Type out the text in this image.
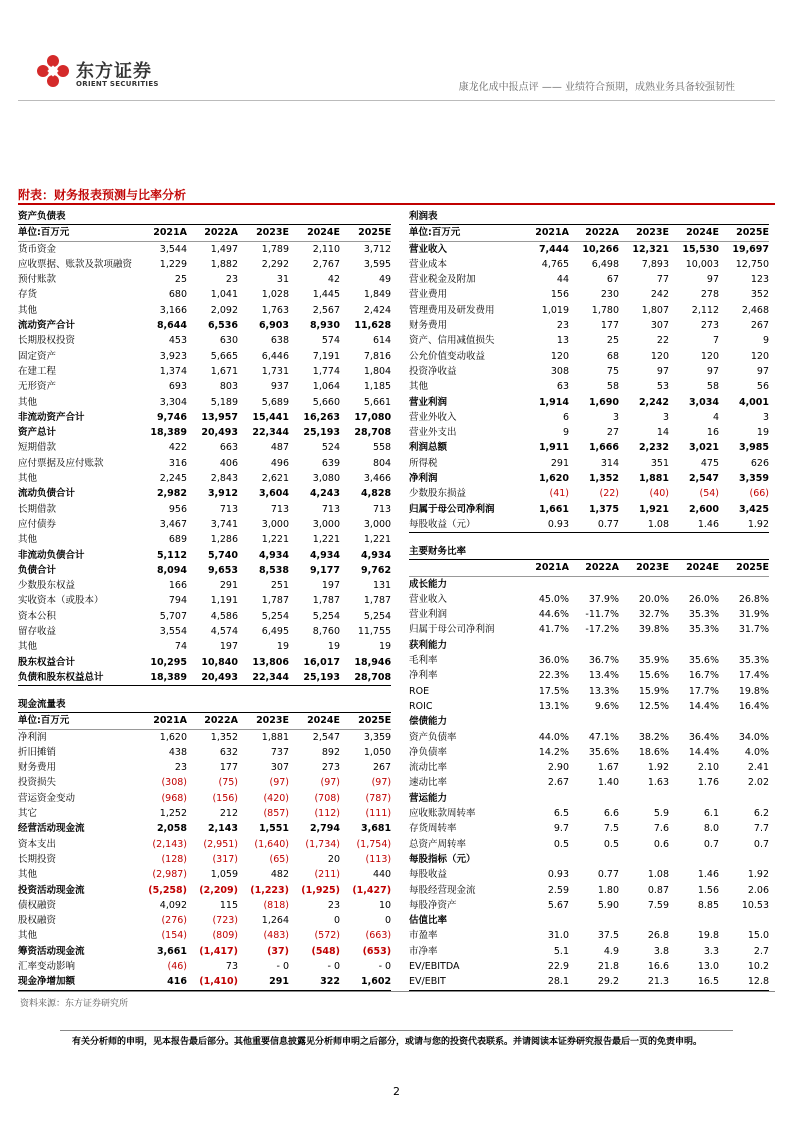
东方证券
ORIENT SECURITIES	康龙化成中报点评 —— 业绩符合预期，成熟业务具备较强韧性
附表：财务报表预测与比率分析
资产负债表					
单位:百万元	2021A	2022A	2023E	2024E	2025E
货币资金	3,544	1,497	1,789	2,110	3,712
应收票据、账款及款项融资	1,229	1,882	2,292	2,767	3,595
预付账款	25	23	31	42	49
存货	680	1,041	1,028	1,445	1,849
其他	3,166	2,092	1,763	2,567	2,424
流动资产合计	8,644	6,536	6,903	8,930	11,628
长期股权投资	453	630	638	574	614
固定资产	3,923	5,665	6,446	7,191	7,816
在建工程	1,374	1,671	1,731	1,774	1,804
无形资产	693	803	937	1,064	1,185
其他	3,304	5,189	5,689	5,660	5,661
非流动资产合计	9,746	13,957	15,441	16,263	17,080
资产总计	18,389	20,493	22,344	25,193	28,708
短期借款	422	663	487	524	558
应付票据及应付账款	316	406	496	639	804
其他	2,245	2,843	2,621	3,080	3,466
流动负债合计	2,982	3,912	3,604	4,243	4,828
长期借款	956	713	713	713	713
应付债券	3,467	3,741	3,000	3,000	3,000
其他	689	1,286	1,221	1,221	1,221
非流动负债合计	5,112	5,740	4,934	4,934	4,934
负债合计	8,094	9,653	8,538	9,177	9,762
少数股东权益	166	291	251	197	131
实收资本（或股本）	794	1,191	1,787	1,787	1,787
资本公积	5,707	4,586	5,254	5,254	5,254
留存收益	3,554	4,574	6,495	8,760	11,755
其他	74	197	19	19	19
股东权益合计	10,295	10,840	13,806	16,017	18,946
负债和股东权益总计	18,389	20,493	22,344	25,193	28,708
现金流量表					
单位:百万元	2021A	2022A	2023E	2024E	2025E
净利润	1,620	1,352	1,881	2,547	3,359
折旧摊销	438	632	737	892	1,050
财务费用	23	177	307	273	267
投资损失	(308)	(75)	(97)	(97)	(97)
营运资金变动	(968)	(156)	(420)	(708)	(787)
其它	1,252	212	(857)	(112)	(111)
经营活动现金流	2,058	2,143	1,551	2,794	3,681
资本支出	(2,143)	(2,951)	(1,640)	(1,734)	(1,754)
长期投资	(128)	(317)	(65)	20	(113)
其他	(2,987)	1,059	482	(211)	440
投资活动现金流	(5,258)	(2,209)	(1,223)	(1,925)	(1,427)
债权融资	4,092	115	(818)	23	10
股权融资	(276)	(723)	1,264	0	0
其他	(154)	(809)	(483)	(572)	(663)
筹资活动现金流	3,661	(1,417)	(37)	(548)	(653)
汇率变动影响	(46)	73	- 0	- 0	- 0
现金净增加额	416	(1,410)	291	322	1,602
利润表					
单位:百万元	2021A	2022A	2023E	2024E	2025E
营业收入	7,444	10,266	12,321	15,530	19,697
营业成本	4,765	6,498	7,893	10,003	12,750
营业税金及附加	44	67	77	97	123
营业费用	156	230	242	278	352
管理费用及研发费用	1,019	1,780	1,807	2,112	2,468
财务费用	23	177	307	273	267
资产、信用减值损失	13	25	22	7	9
公允价值变动收益	120	68	120	120	120
投资净收益	308	75	97	97	97
其他	63	58	53	58	56
营业利润	1,914	1,690	2,242	3,034	4,001
营业外收入	6	3	3	4	3
营业外支出	9	27	14	16	19
利润总额	1,911	1,666	2,232	3,021	3,985
所得税	291	314	351	475	626
净利润	1,620	1,352	1,881	2,547	3,359
少数股东损益	(41)	(22)	(40)	(54)	(66)
归属于母公司净利润	1,661	1,375	1,921	2,600	3,425
每股收益（元）	0.93	0.77	1.08	1.46	1.92
主要财务比率					
	2021A	2022A	2023E	2024E	2025E
成长能力					
营业收入	45.0%	37.9%	20.0%	26.0%	26.8%
营业利润	44.6%	-11.7%	32.7%	35.3%	31.9%
归属于母公司净利润	41.7%	-17.2%	39.8%	35.3%	31.7%
获利能力					
毛利率	36.0%	36.7%	35.9%	35.6%	35.3%
净利率	22.3%	13.4%	15.6%	16.7%	17.4%
ROE	17.5%	13.3%	15.9%	17.7%	19.8%
ROIC	13.1%	9.6%	12.5%	14.4%	16.4%
偿债能力					
资产负债率	44.0%	47.1%	38.2%	36.4%	34.0%
净负债率	14.2%	35.6%	18.6%	14.4%	4.0%
流动比率	2.90	1.67	1.92	2.10	2.41
速动比率	2.67	1.40	1.63	1.76	2.02
营运能力					
应收账款周转率	6.5	6.6	5.9	6.1	6.2
存货周转率	9.7	7.5	7.6	8.0	7.7
总资产周转率	0.5	0.5	0.6	0.7	0.7
每股指标（元）					
每股收益	0.93	0.77	1.08	1.46	1.92
每股经营现金流	2.59	1.80	0.87	1.56	2.06
每股净资产	5.67	5.90	7.59	8.85	10.53
估值比率					
市盈率	31.0	37.5	26.8	19.8	15.0
市净率	5.1	4.9	3.8	3.3	2.7
EV/EBITDA	22.9	21.8	16.6	13.0	10.2
EV/EBIT	28.1	29.2	21.3	16.5	12.8
资料来源：东方证券研究所
有关分析师的申明，见本报告最后部分。其他重要信息披露见分析师申明之后部分，或请与您的投资代表联系。并请阅读本证券研究报告最后一页的免责申明。
2
